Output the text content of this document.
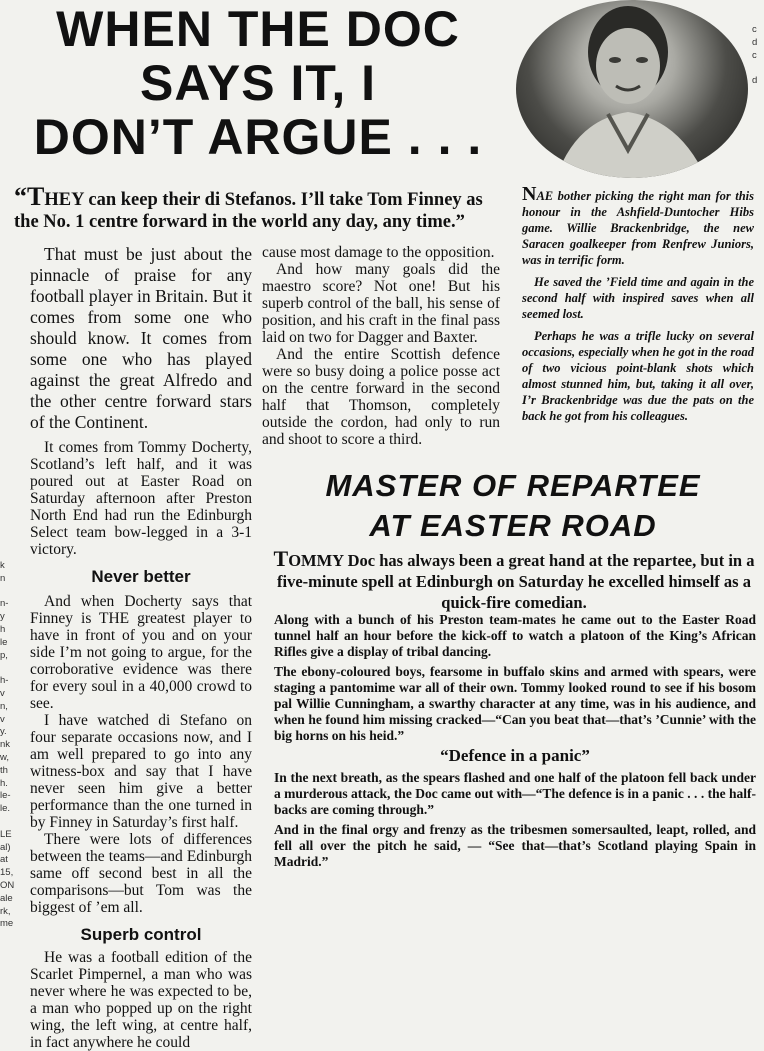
WHEN THE DOC
SAYS IT, I
DON’T ARGUE . . .
“THEY can keep their di Stefanos. I’ll take Tom Finney as the No. 1 centre forward in the world any day, any time.”

That must be just about the pinnacle of praise for any football player in Britain. But it comes from some one who should know. It comes from some one who has played against the great Alfredo and the other centre forward stars of the Continent.

It comes from Tommy Docherty, Scotland’s left half, and it was poured out at Easter Road on Saturday afternoon after Preston North End had run the Edinburgh Select team bow-legged in a 3-1 victory.

Never better

And when Docherty says that Finney is THE greatest player to have in front of you and on your side I’m not going to argue, for the corroborative evidence was there for every soul in a 40,000 crowd to see.

I have watched di Stefano on four separate occasions now, and I am well prepared to go into any witness-box and say that I have never seen him give a better performance than the one turned in by Finney in Saturday’s first half.

There were lots of differences between the teams—and Edinburgh same off second best in all the comparisons—but Tom was the biggest of ’em all.

Superb control

He was a football edition of the Scarlet Pimpernel, a man who was never where he was expected to be, a man who popped up on the right wing, the left wing, at centre half, in fact anywhere he could

cause most damage to the opposition.

And how many goals did the maestro score? Not one! But his superb control of the ball, his sense of position, and his craft in the final pass laid on two for Dagger and Baxter.

And the entire Scottish defence were so busy doing a police posse act on the centre forward in the second half that Thomson, completely outside the cordon, had only to run and shoot to score a third.

NAE bother picking the right man for this honour in the Ashfield-Duntocher Hibs game. Willie Brackenbridge, the new Saracen goalkeeper from Renfrew Juniors, was in terrific form.

He saved the ’Field time and again in the second half with inspired saves when all seemed lost.

Perhaps he was a trifle lucky on several occasions, especially when he got in the road of two vicious point-blank shots which almost stunned him, but, taking it all over, I’r Brackenbridge was due the pats on the back he got from his colleagues.

MASTER OF REPARTEE
AT EASTER ROAD
TOMMY Doc has always been a great hand at the repartee, but in a five-minute spell at Edinburgh on Saturday he excelled himself as a quick-fire comedian.

Along with a bunch of his Preston team-mates he came out to the Easter Road tunnel half an hour before the kick-off to watch a platoon of the King’s African Rifles give a display of tribal dancing.

The ebony-coloured boys, fearsome in buffalo skins and armed with spears, were staging a pantomime war all of their own. Tommy looked round to see if his bosom pal Willie Cunningham, a swarthy character at any time, was in his audience, and when he found him missing cracked—“Can you beat that—that’s ’Cunnie’ with the big horns on his heid.”

“Defence in a panic”

In the next breath, as the spears flashed and one half of the platoon fell back under a murderous attack, the Doc came out with—“The defence is in a panic . . . the half-backs are coming through.”

And in the final orgy and frenzy as the tribesmen somersaulted, leapt, rolled, and fell all over the pitch he said, — “See that—that’s Scotland playing Spain in Madrid.”

k
n

n-
y
h
le
p,

h-
v
n,
v
y.
nk
w,
th
h.
le-
le.

LE
al)
at
15,
ON
ale
rk,
me
c
d
c

d
